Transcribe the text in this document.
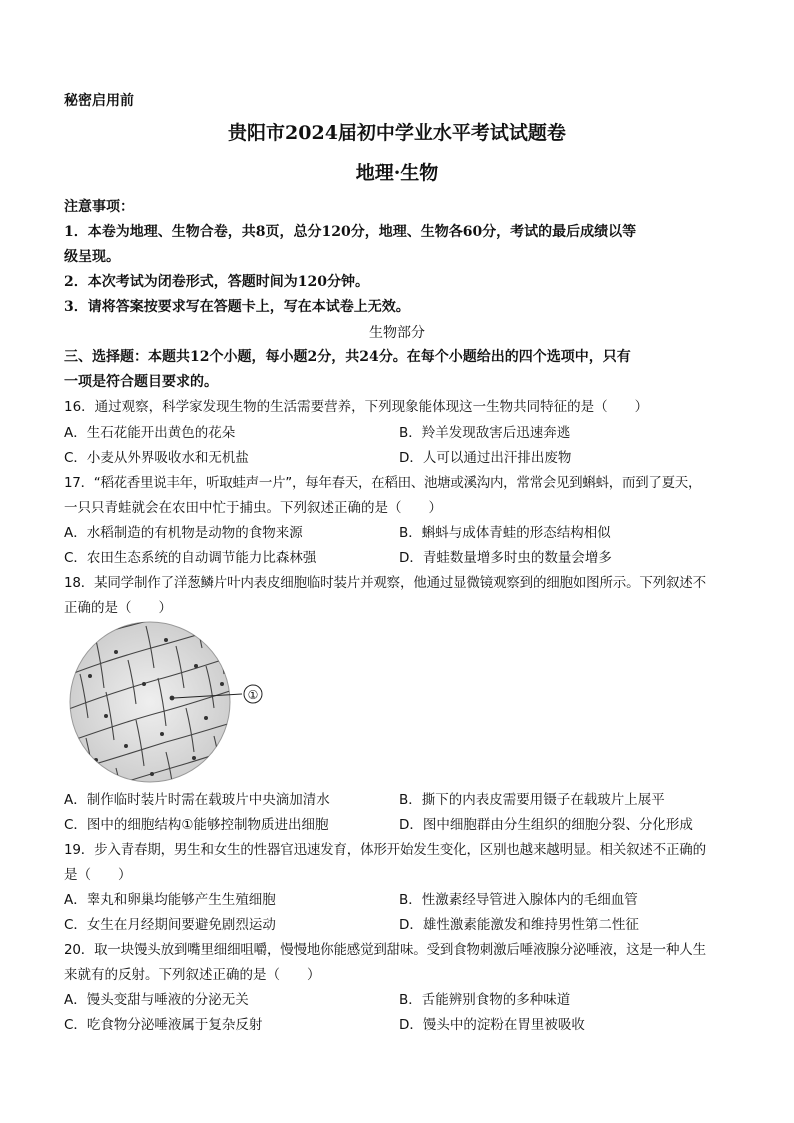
秘密启用前
贵阳市2024届初中学业水平考试试题卷
地理·生物
注意事项：
1．本卷为地理、生物合卷，共8页，总分120分，地理、生物各60分，考试的最后成绩以等
级呈现。
2．本次考试为闭卷形式，答题时间为120分钟。
3．请将答案按要求写在答题卡上，写在本试卷上无效。
生物部分
三、选择题：本题共12个小题，每小题2分，共24分。在每个小题给出的四个选项中，只有
一项是符合题目要求的。
16．通过观察，科学家发现生物的生活需要营养，下列现象能体现这一生物共同特征的是（　　）
A．生石花能开出黄色的花朵	B．羚羊发现敌害后迅速奔逃
C．小麦从外界吸收水和无机盐	D．人可以通过出汗排出废物
17．“稻花香里说丰年，听取蛙声一片”，每年春天，在稻田、池塘或溪沟内，常常会见到蝌蚪，而到了夏天，
一只只青蛙就会在农田中忙于捕虫。下列叙述正确的是（　　）
A．水稻制造的有机物是动物的食物来源	B．蝌蚪与成体青蛙的形态结构相似
C．农田生态系统的自动调节能力比森林强	D．青蛙数量增多时虫的数量会增多
18．某同学制作了洋葱鳞片叶内表皮细胞临时装片并观察，他通过显微镜观察到的细胞如图所示。下列叙述不
正确的是（　　）
①
A．制作临时装片时需在载玻片中央滴加清水	B．撕下的内表皮需要用镊子在载玻片上展平
C．图中的细胞结构①能够控制物质进出细胞	D．图中细胞群由分生组织的细胞分裂、分化形成
19．步入青春期，男生和女生的性器官迅速发育，体形开始发生变化，区别也越来越明显。相关叙述不正确的
是（　　）
A．睾丸和卵巢均能够产生生殖细胞	B．性激素经导管进入腺体内的毛细血管
C．女生在月经期间要避免剧烈运动	D．雄性激素能激发和维持男性第二性征
20．取一块馒头放到嘴里细细咀嚼，慢慢地你能感觉到甜味。受到食物刺激后唾液腺分泌唾液，这是一种人生
来就有的反射。下列叙述正确的是（　　）
A．馒头变甜与唾液的分泌无关	B．舌能辨别食物的多种味道
C．吃食物分泌唾液属于复杂反射	D．馒头中的淀粉在胃里被吸收
